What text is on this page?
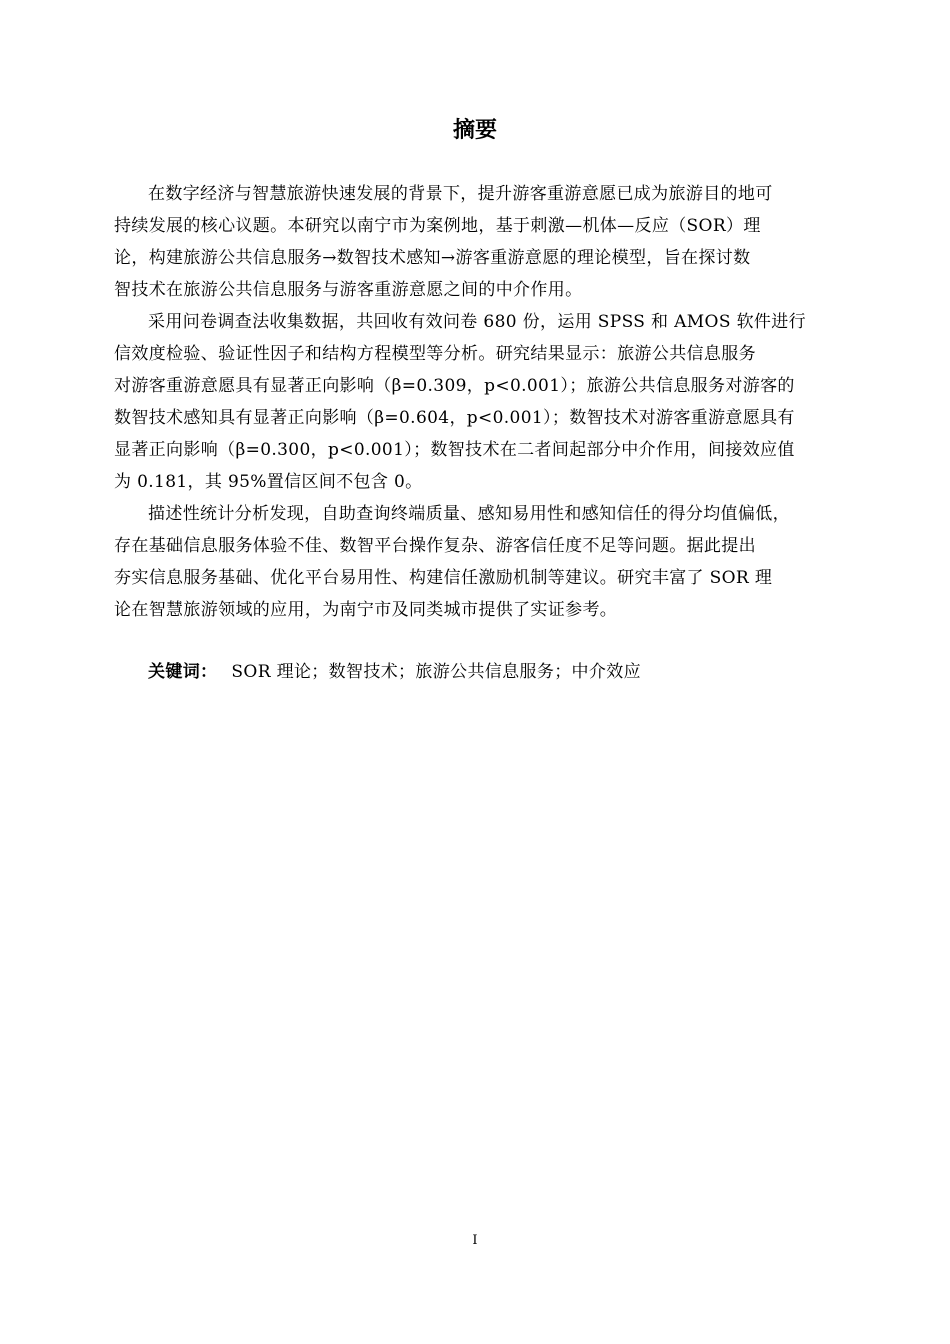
摘要
在数字经济与智慧旅游快速发展的背景下，提升游客重游意愿已成为旅游目的地可
持续发展的核心议题。本研究以南宁市为案例地，基于刺激—机体—反应（SOR）理
论，构建旅游公共信息服务→数智技术感知→游客重游意愿的理论模型，旨在探讨数
智技术在旅游公共信息服务与游客重游意愿之间的中介作用。
采用问卷调查法收集数据，共回收有效问卷 680 份，运用 SPSS 和 AMOS 软件进行
信效度检验、验证性因子和结构方程模型等分析。研究结果显示：旅游公共信息服务
对游客重游意愿具有显著正向影响（β=0.309，p<0.001）；旅游公共信息服务对游客的
数智技术感知具有显著正向影响（β=0.604，p<0.001）；数智技术对游客重游意愿具有
显著正向影响（β=0.300，p<0.001）；数智技术在二者间起部分中介作用，间接效应值
为 0.181，其 95%置信区间不包含 0。
描述性统计分析发现，自助查询终端质量、感知易用性和感知信任的得分均值偏低，
存在基础信息服务体验不佳、数智平台操作复杂、游客信任度不足等问题。据此提出
夯实信息服务基础、优化平台易用性、构建信任激励机制等建议。研究丰富了 SOR 理
论在智慧旅游领域的应用，为南宁市及同类城市提供了实证参考。
关键词： SOR 理论；数智技术；旅游公共信息服务；中介效应
I
